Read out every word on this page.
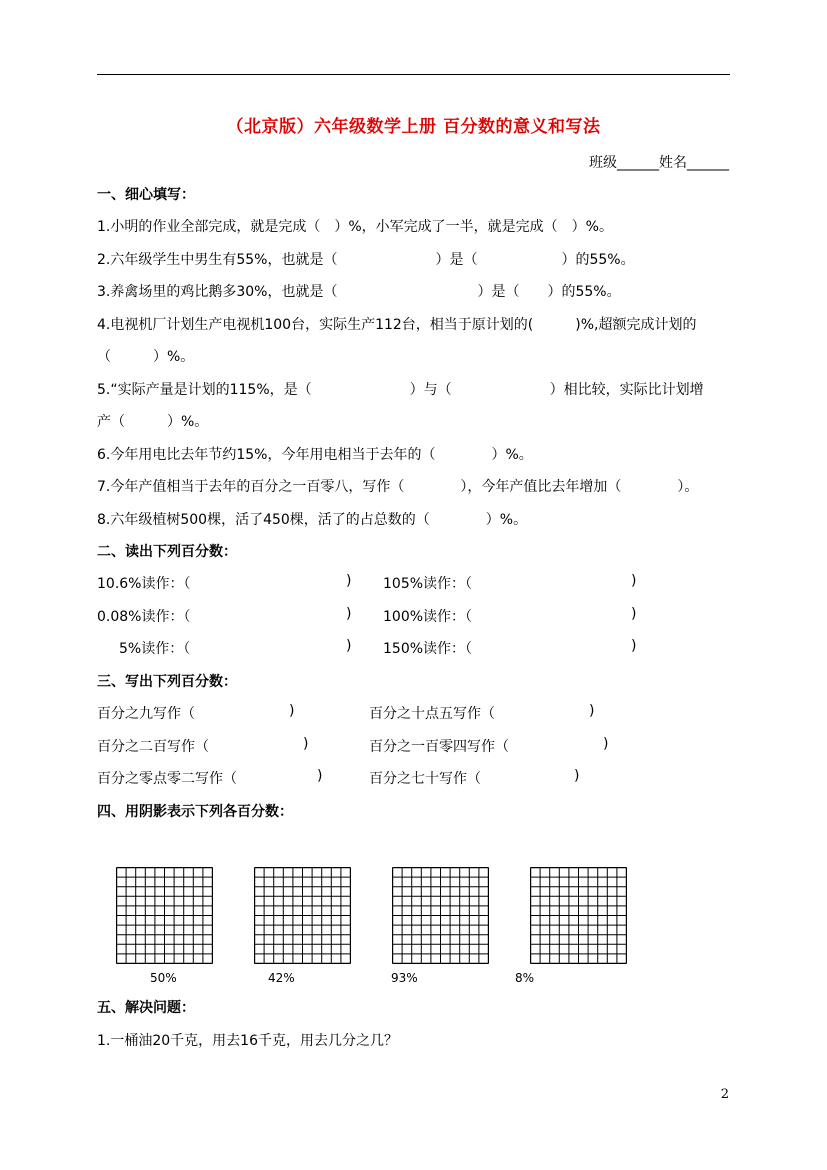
（北京版）六年级数学上册 百分数的意义和写法
班级______姓名______
一、细心填写：
1.小明的作业全部完成，就是完成（　）%，小军完成了一半，就是完成（　）%。
2.六年级学生中男生有55%，也就是（　　　　　　　）是（　　　　　　）的55%。
3.养禽场里的鸡比鹅多30%，也就是（　　　　　　　　　　）是（　　）的55%。
4.电视机厂计划生产电视机100台，实际生产112台，相当于原计划的(　　　)%,超额完成计划的
（　　　）%。
5.“实际产量是计划的115%，是（　　　　　　　）与（　　　　　　　）相比较，实际比计划增
产（　　　）%。
6.今年用电比去年节约15%，今年用电相当于去年的（　　　　）%。
7.今年产值相当于去年的百分之一百零八，写作（　　　　），今年产值比去年增加（　　　　）。
8.六年级植树500棵，活了450棵，活了的占总数的（　　　　）%。
二、读出下列百分数：
10.6%读作：（	) 105%读作：（	)
0.08%读作：（	) 100%读作：（	)
5%读作：（	) 150%读作：（	)
三、写出下列百分数：
百分之九写作（	)	百分之十点五写作（	)
百分之二百写作（	)	百分之一百零四写作（	)
百分之零点零二写作（	)	百分之七十写作（	)
四、用阴影表示下列各百分数：
50%	42%	93%	8%
五、解决问题：
1.一桶油20千克，用去16千克，用去几分之几？
2
